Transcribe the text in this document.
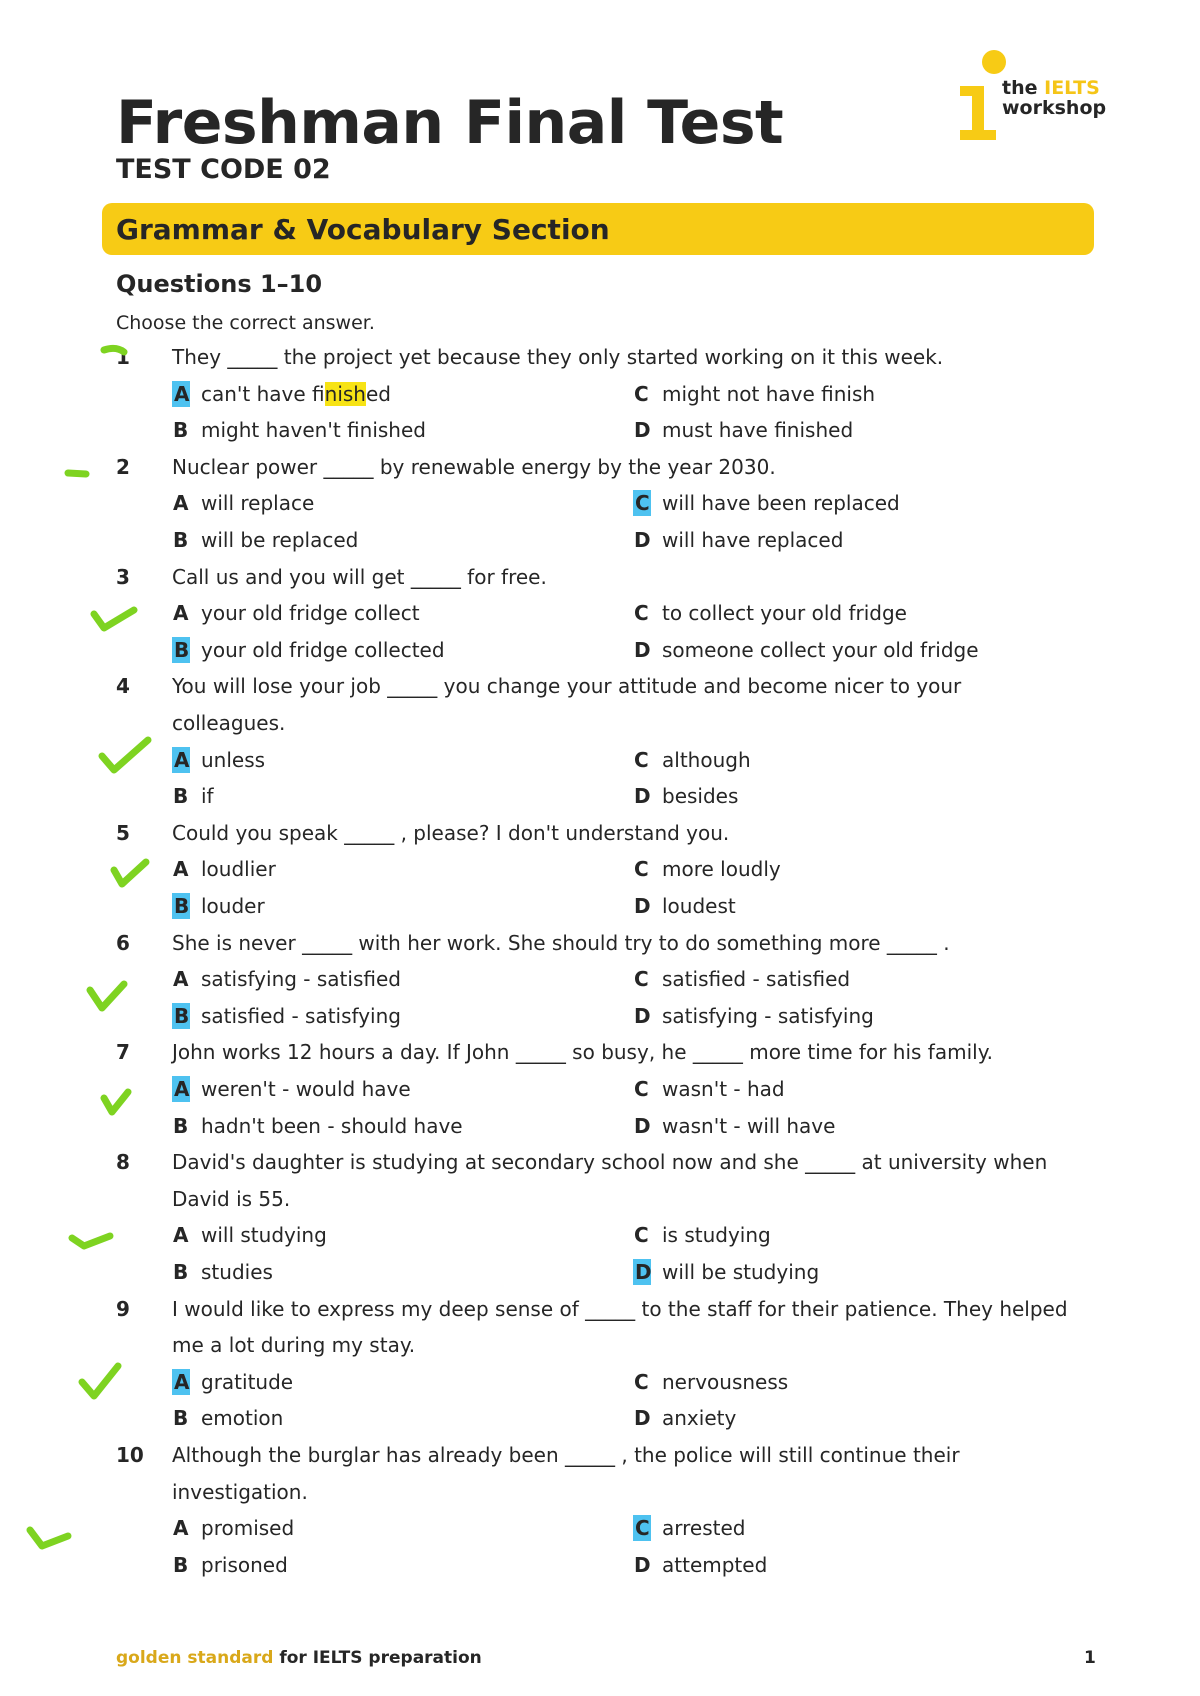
Freshman Final Test
TEST CODE 02
the IELTS
workshop
Grammar & Vocabulary Section
Questions 1–10
Choose the correct answer.
1 They _____ the project yet because they only started working on it this week.
A can't have finished	C might not have finish
B might haven't finished	D must have finished
2 Nuclear power _____ by renewable energy by the year 2030.
A will replace	C will have been replaced
B will be replaced	D will have replaced
3 Call us and you will get _____ for free.
A your old fridge collect	C to collect your old fridge
B your old fridge collected	D someone collect your old fridge
4 You will lose your job _____ you change your attitude and become nicer to your
colleagues.
A unless	C although
B if	D besides
5 Could you speak _____ , please? I don't understand you.
A loudlier	C more loudly
B louder	D loudest
6 She is never _____ with her work. She should try to do something more _____ .
A satisfying - satisfied	C satisfied - satisfied
B satisfied - satisfying	D satisfying - satisfying
7 John works 12 hours a day. If John _____ so busy, he _____ more time for his family.
A weren't - would have	C wasn't - had
B hadn't been - should have	D wasn't - will have
8 David's daughter is studying at secondary school now and she _____ at university when
David is 55.
A will studying	C is studying
B studies	D will be studying
9 I would like to express my deep sense of _____ to the staff for their patience. They helped
me a lot during my stay.
A gratitude	C nervousness
B emotion	D anxiety
10 Although the burglar has already been _____ , the police will still continue their
investigation.
A promised	C arrested
B prisoned	D attempted
golden standard for IELTS preparation	1
